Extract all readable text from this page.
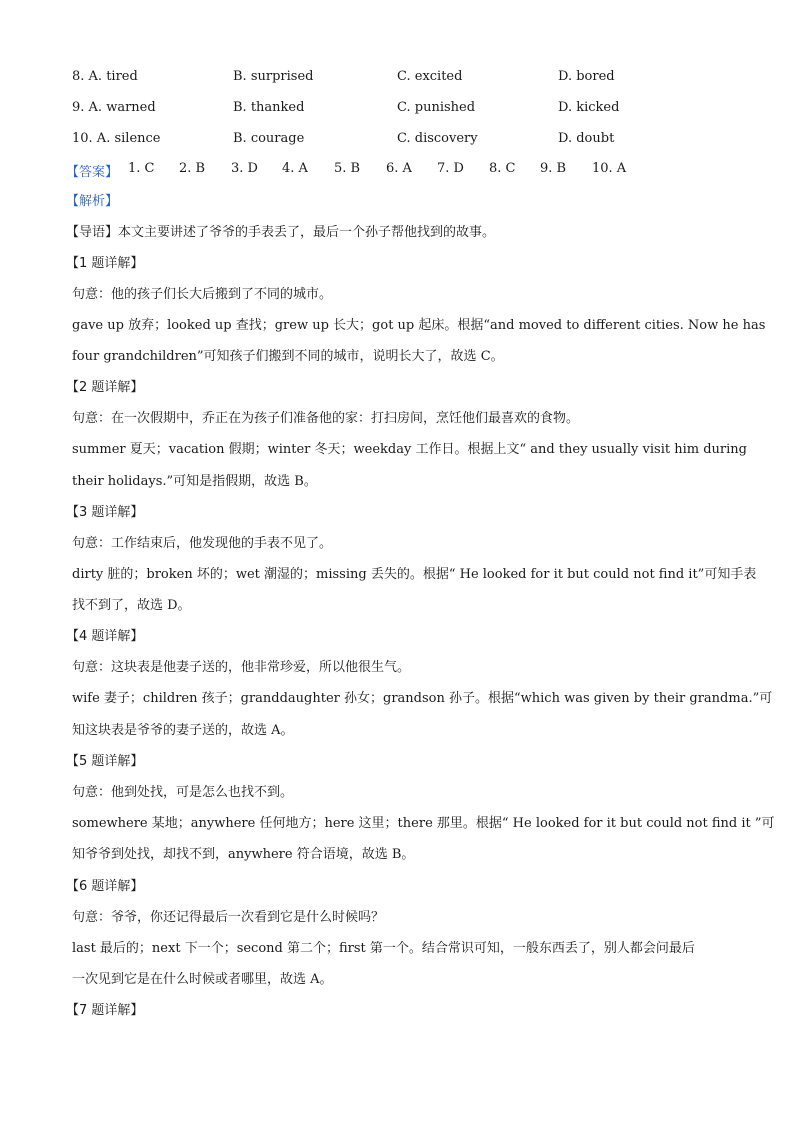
8. A. tired	B. surprised	C. excited	D. bored
9. A. warned	B. thanked	C. punished	D. kicked
10. A. silence	B. courage	C. discovery	D. doubt
【答案】 1. C 2. B 3. D 4. A 5. B 6. A 7. D 8. C 9. B 10. A
【解析】
【导语】本文主要讲述了爷爷的手表丢了，最后一个孙子帮他找到的故事。
【1 题详解】
句意：他的孩子们长大后搬到了不同的城市。
gave up 放弃；looked up 查找；grew up 长大；got up 起床。根据“and moved to different cities. Now he has
four grandchildren”可知孩子们搬到不同的城市，说明长大了，故选 C。
【2 题详解】
句意：在一次假期中，乔正在为孩子们准备他的家：打扫房间，烹饪他们最喜欢的食物。
summer 夏天；vacation 假期；winter 冬天；weekday 工作日。根据上文“ and they usually visit him during
their holidays.”可知是指假期，故选 B。
【3 题详解】
句意：工作结束后，他发现他的手表不见了。
dirty 脏的；broken 坏的；wet 潮湿的；missing 丢失的。根据“ He looked for it but could not find it”可知手表
找不到了，故选 D。
【4 题详解】
句意：这块表是他妻子送的，他非常珍爱，所以他很生气。
wife 妻子；children 孩子；granddaughter 孙女；grandson 孙子。根据“which was given by their grandma.”可
知这块表是爷爷的妻子送的，故选 A。
【5 题详解】
句意：他到处找，可是怎么也找不到。
somewhere 某地；anywhere 任何地方；here 这里；there 那里。根据“ He looked for it but could not find it ”可
知爷爷到处找，却找不到，anywhere 符合语境，故选 B。
【6 题详解】
句意：爷爷，你还记得最后一次看到它是什么时候吗？
last 最后的；next 下一个；second 第二个；first 第一个。结合常识可知，一般东西丢了，别人都会问最后
一次见到它是在什么时候或者哪里，故选 A。
【7 题详解】
